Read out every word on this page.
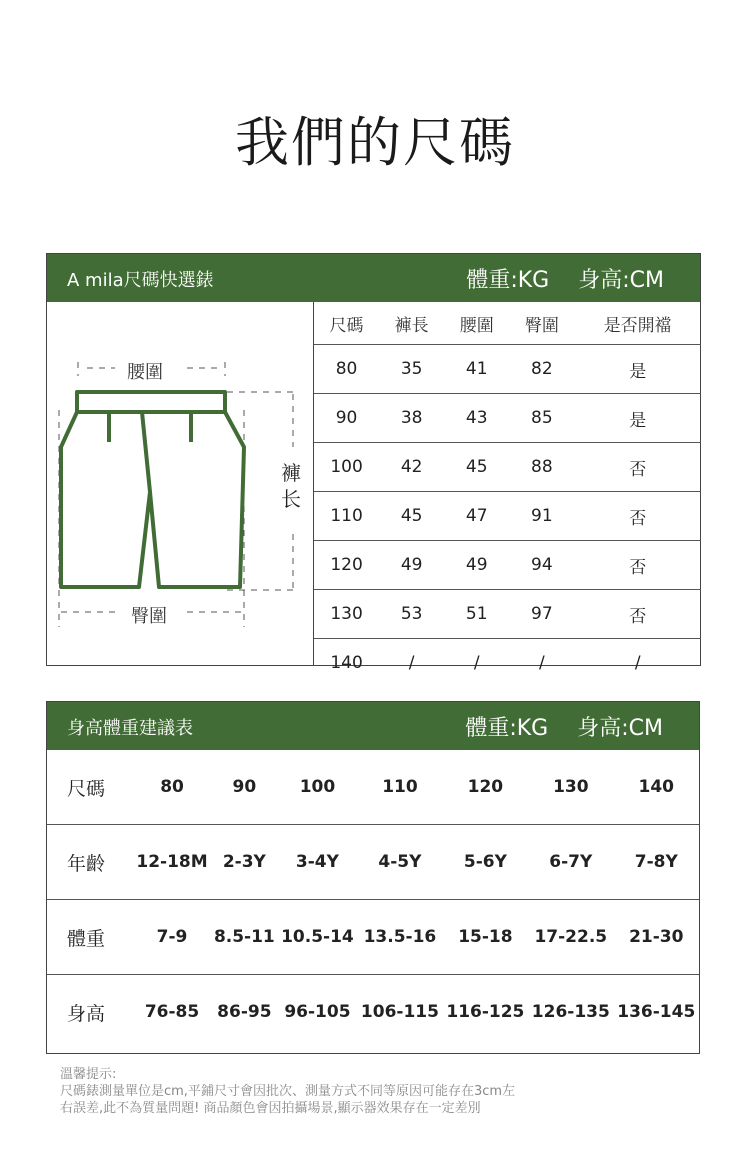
我們的尺碼
A mila尺碼快選錶	體重:KG 身高:CM
腰圍
臀圍
褲
长
尺碼	褲長	腰圍	臀圍	是否開襠
80	35	41	82	是
90	38	43	85	是
100	42	45	88	否
110	45	47	91	否
120	49	49	94	否
130	53	51	97	否
140	/	/	/	/
身高體重建議表	體重:KG 身高:CM
尺碼	80	90	100	110	120	130	140
年齡	12-18M	2-3Y	3-4Y	4-5Y	5-6Y	6-7Y	7-8Y
體重	7-9	8.5-11	10.5-14	13.5-16	15-18	17-22.5	21-30
身高	76-85	86-95	96-105	106-115	116-125	126-135	136-145
溫馨提示:
尺碼錶測量單位是cm,平鋪尺寸會因批次、測量方式不同等原因可能存在3cm左
右誤差,此不為質量問題! 商品顏色會因拍攝場景,顯示器效果存在一定差別
